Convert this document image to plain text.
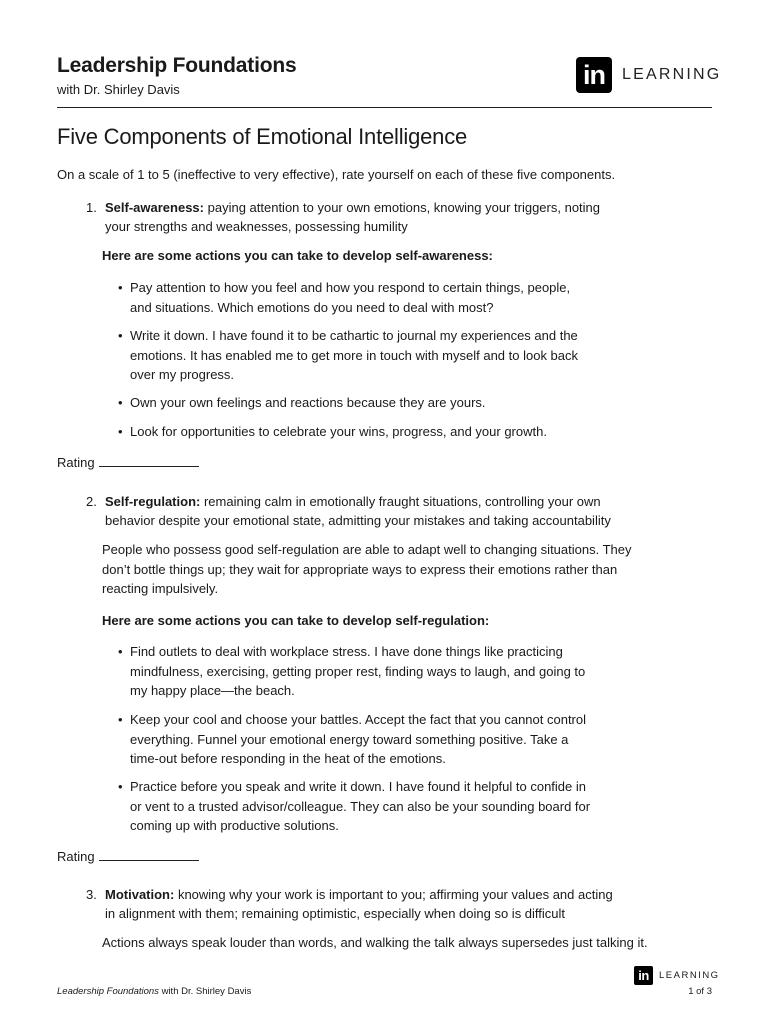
Leadership Foundations
with Dr. Shirley Davis	in	LEARNING
Five Components of Emotional Intelligence
On a scale of 1 to 5 (ineffective to very effective), rate yourself on each of these five components.
1. Self-awareness: paying attention to your own emotions, knowing your triggers, noting
your strengths and weaknesses, possessing humility
Here are some actions you can take to develop self-awareness:
• Pay attention to how you feel and how you respond to certain things, people,
and situations. Which emotions do you need to deal with most?
• Write it down. I have found it to be cathartic to journal my experiences and the
emotions. It has enabled me to get more in touch with myself and to look back
over my progress.
• Own your own feelings and reactions because they are yours.
• Look for opportunities to celebrate your wins, progress, and your growth.
Rating
2. Self-regulation: remaining calm in emotionally fraught situations, controlling your own
behavior despite your emotional state, admitting your mistakes and taking accountability
People who possess good self-regulation are able to adapt well to changing situations. They
don’t bottle things up; they wait for appropriate ways to express their emotions rather than
reacting impulsively.
Here are some actions you can take to develop self-regulation:
• Find outlets to deal with workplace stress. I have done things like practicing
mindfulness, exercising, getting proper rest, finding ways to laugh, and going to
my happy place—the beach.
• Keep your cool and choose your battles. Accept the fact that you cannot control
everything. Funnel your emotional energy toward something positive. Take a
time-out before responding in the heat of the emotions.
• Practice before you speak and write it down. I have found it helpful to confide in
or vent to a trusted advisor/colleague. They can also be your sounding board for
coming up with productive solutions.
Rating
3. Motivation: knowing why your work is important to you; affirming your values and acting
in alignment with them; remaining optimistic, especially when doing so is difficult
Actions always speak louder than words, and walking the talk always supersedes just talking it.
Leadership Foundations with Dr. Shirley Davis
in	LEARNING
1 of 3
